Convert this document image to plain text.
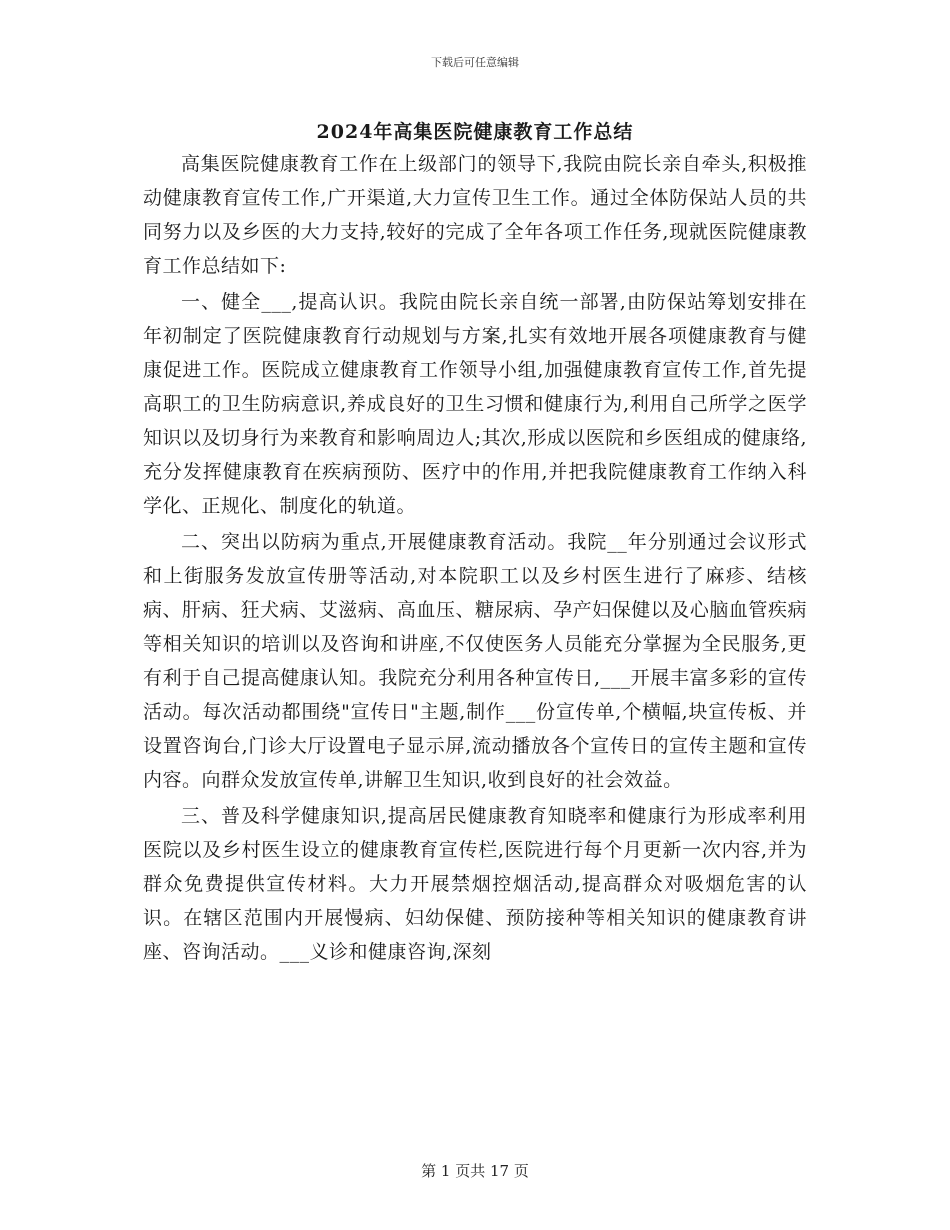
下载后可任意编辑
2024年高集医院健康教育工作总结

高集医院健康教育工作在上级部门的领导下,我院由院长亲自牵头,积极推动健康教育宣传工作,广开渠道,大力宣传卫生工作。通过全体防保站人员的共同努力以及乡医的大力支持,较好的完成了全年各项工作任务,现就医院健康教育工作总结如下:

一、健全___,提高认识。我院由院长亲自统一部署,由防保站筹划安排在年初制定了医院健康教育行动规划与方案,扎实有效地开展各项健康教育与健康促进工作。医院成立健康教育工作领导小组,加强健康教育宣传工作,首先提高职工的卫生防病意识,养成良好的卫生习惯和健康行为,利用自己所学之医学知识以及切身行为来教育和影响周边人;其次,形成以医院和乡医组成的健康络,充分发挥健康教育在疾病预防、医疗中的作用,并把我院健康教育工作纳入科学化、正规化、制度化的轨道。

二、突出以防病为重点,开展健康教育活动。我院__年分别通过会议形式和上街服务发放宣传册等活动,对本院职工以及乡村医生进行了麻疹、结核病、肝病、狂犬病、艾滋病、高血压、糖尿病、孕产妇保健以及心脑血管疾病等相关知识的培训以及咨询和讲座,不仅使医务人员能充分掌握为全民服务,更有利于自己提高健康认知。我院充分利用各种宣传日,___开展丰富多彩的宣传活动。每次活动都围绕"宣传日"主题,制作___份宣传单,个横幅,块宣传板、并设置咨询台,门诊大厅设置电子显示屏,流动播放各个宣传日的宣传主题和宣传内容。向群众发放宣传单,讲解卫生知识,收到良好的社会效益。

三、普及科学健康知识,提高居民健康教育知晓率和健康行为形成率利用医院以及乡村医生设立的健康教育宣传栏,医院进行每个月更新一次内容,并为群众免费提供宣传材料。大力开展禁烟控烟活动,提高群众对吸烟危害的认识。在辖区范围内开展慢病、妇幼保健、预防接种等相关知识的健康教育讲座、咨询活动。___义诊和健康咨询,深刻

第 1 页共 17 页
